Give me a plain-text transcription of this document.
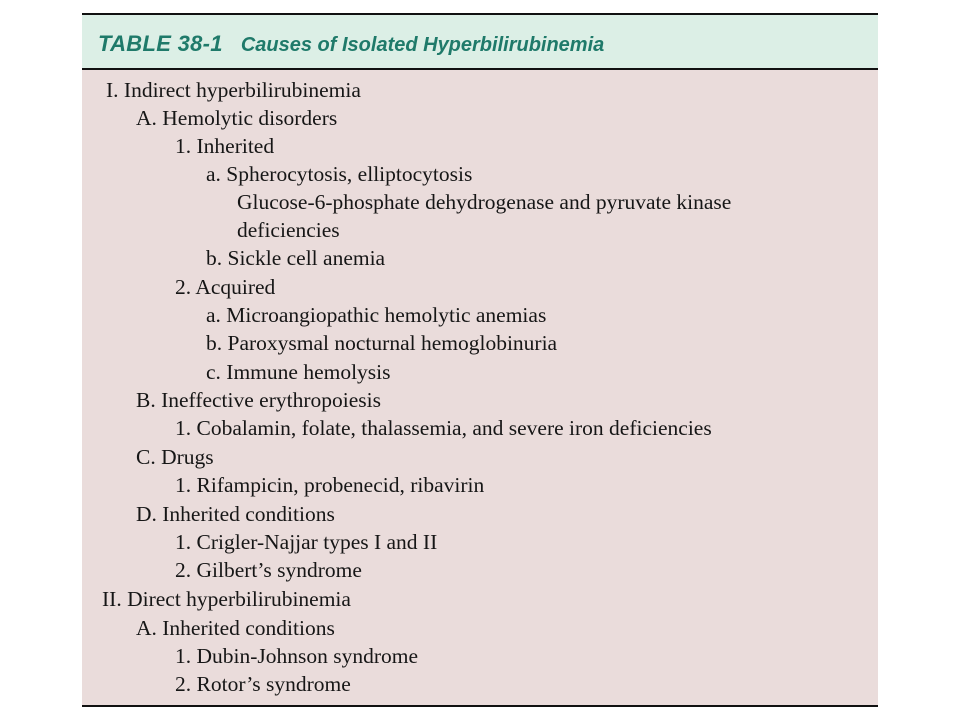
TABLE 38-1 Causes of Isolated Hyperbilirubinemia
I. Indirect hyperbilirubinemia
A. Hemolytic disorders
1. Inherited
a. Spherocytosis, elliptocytosis
Glucose-6-phosphate dehydrogenase and pyruvate kinase
deficiencies
b. Sickle cell anemia
2. Acquired
a. Microangiopathic hemolytic anemias
b. Paroxysmal nocturnal hemoglobinuria
c. Immune hemolysis
B. Ineffective erythropoiesis
1. Cobalamin, folate, thalassemia, and severe iron deficiencies
C. Drugs
1. Rifampicin, probenecid, ribavirin
D. Inherited conditions
1. Crigler-Najjar types I and II
2. Gilbert’s syndrome
II. Direct hyperbilirubinemia
A. Inherited conditions
1. Dubin-Johnson syndrome
2. Rotor’s syndrome
